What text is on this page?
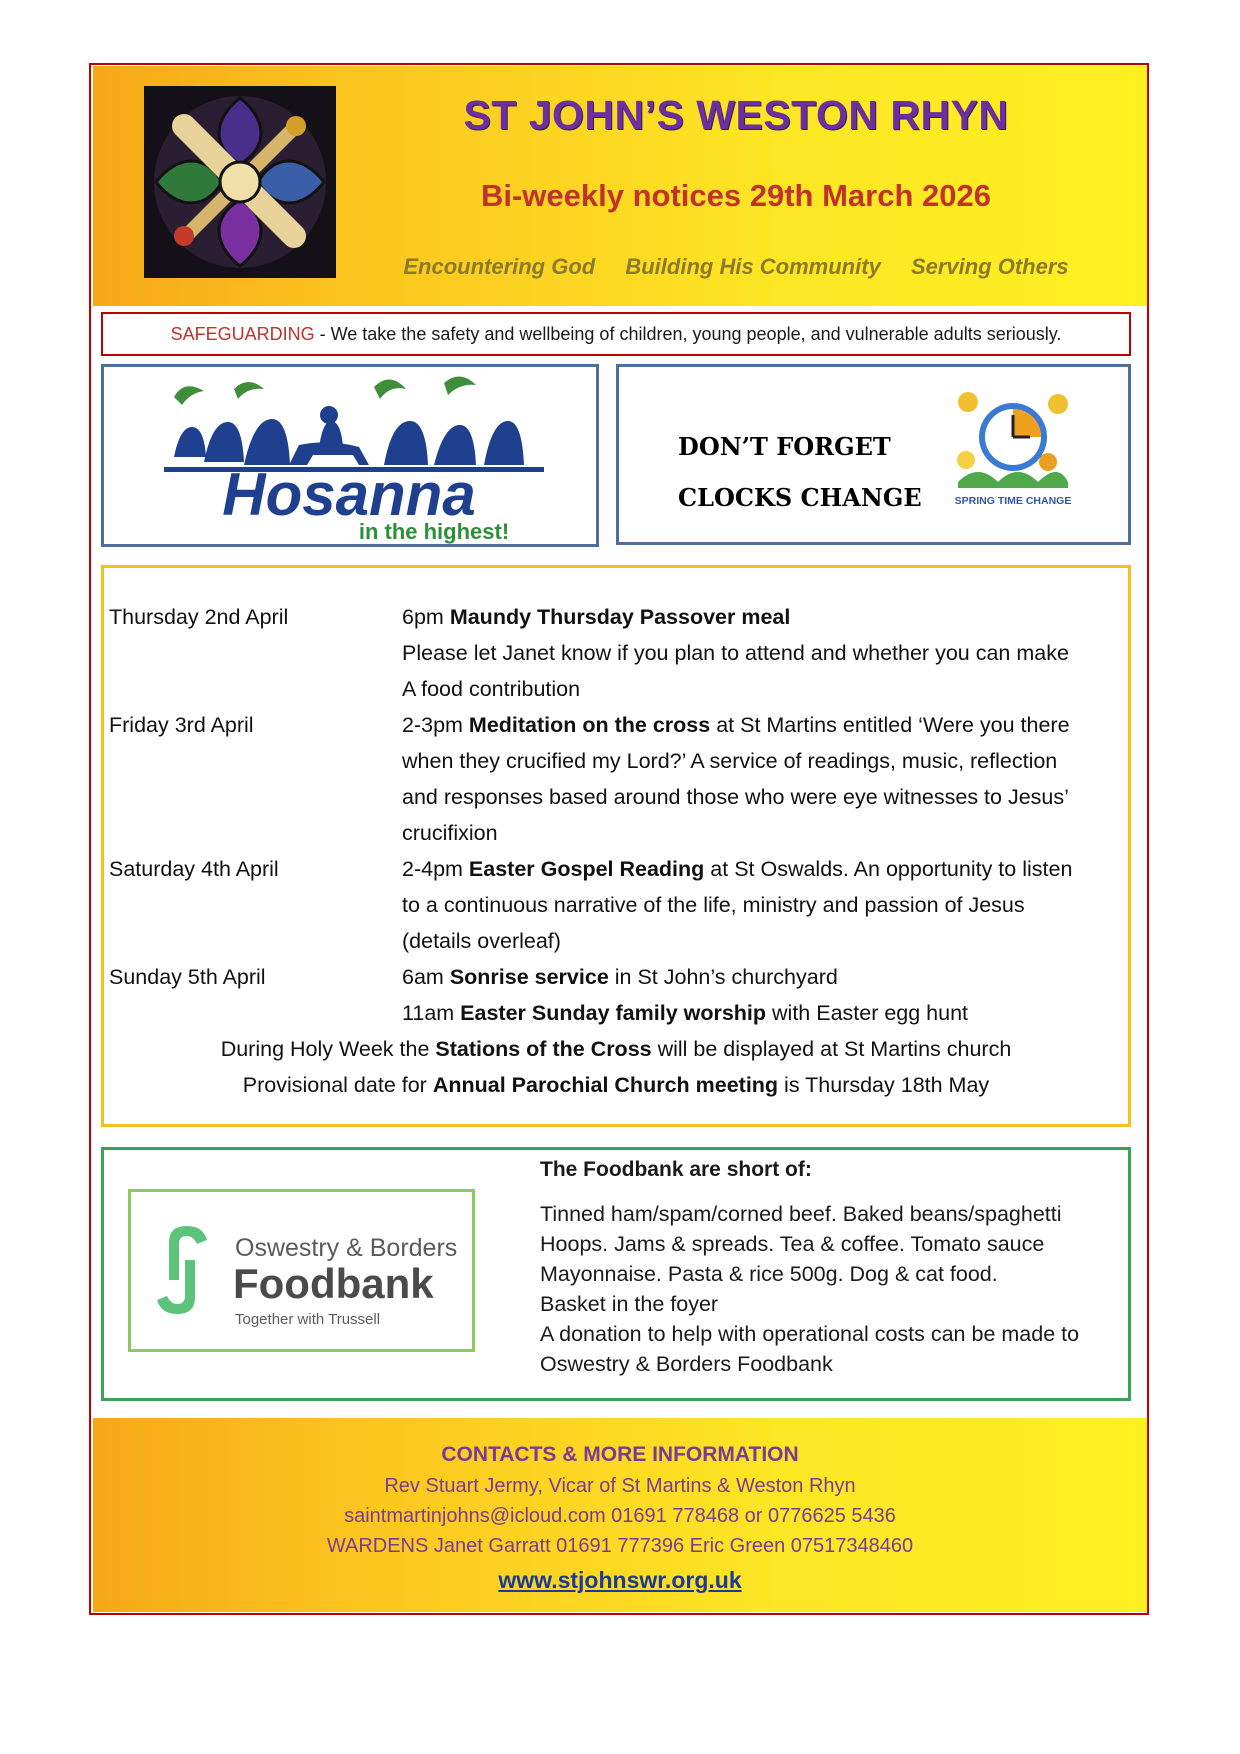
ST JOHN’S WESTON RHYN
Bi-weekly notices 29th March 2026
Encountering God Building His Community Serving Others
SAFEGUARDING - We take the safety and wellbeing of children, young people, and vulnerable adults seriously.
Hosanna
in the highest!
DON’T FORGET
CLOCKS CHANGE	SPRING TIME CHANGE
Thursday 2nd April	6pm Maundy Thursday Passover meal
Please let Janet know if you plan to attend and whether you can make
A food contribution
Friday 3rd April	2-3pm Meditation on the cross at St Martins entitled ‘Were you there
when they crucified my Lord?’ A service of readings, music, reflection
and responses based around those who were eye witnesses to Jesus’
crucifixion
Saturday 4th April	2-4pm Easter Gospel Reading at St Oswalds. An opportunity to listen
to a continuous narrative of the life, ministry and passion of Jesus
(details overleaf)
Sunday 5th April	6am Sonrise service in St John’s churchyard
11am Easter Sunday family worship with Easter egg hunt
During Holy Week the Stations of the Cross will be displayed at St Martins church
Provisional date for Annual Parochial Church meeting is Thursday 18th May
Oswestry & Borders
Foodbank
Together with Trussell
The Foodbank are short of:
Tinned ham/spam/corned beef. Baked beans/spaghetti
Hoops. Jams & spreads. Tea & coffee. Tomato sauce
Mayonnaise. Pasta & rice 500g. Dog & cat food.
Basket in the foyer
A donation to help with operational costs can be made to
Oswestry & Borders Foodbank
CONTACTS & MORE INFORMATION
Rev Stuart Jermy, Vicar of St Martins & Weston Rhyn
saintmartinjohns@icloud.com 01691 778468 or 0776625 5436
WARDENS Janet Garratt 01691 777396 Eric Green 07517348460
www.stjohnswr.org.uk
